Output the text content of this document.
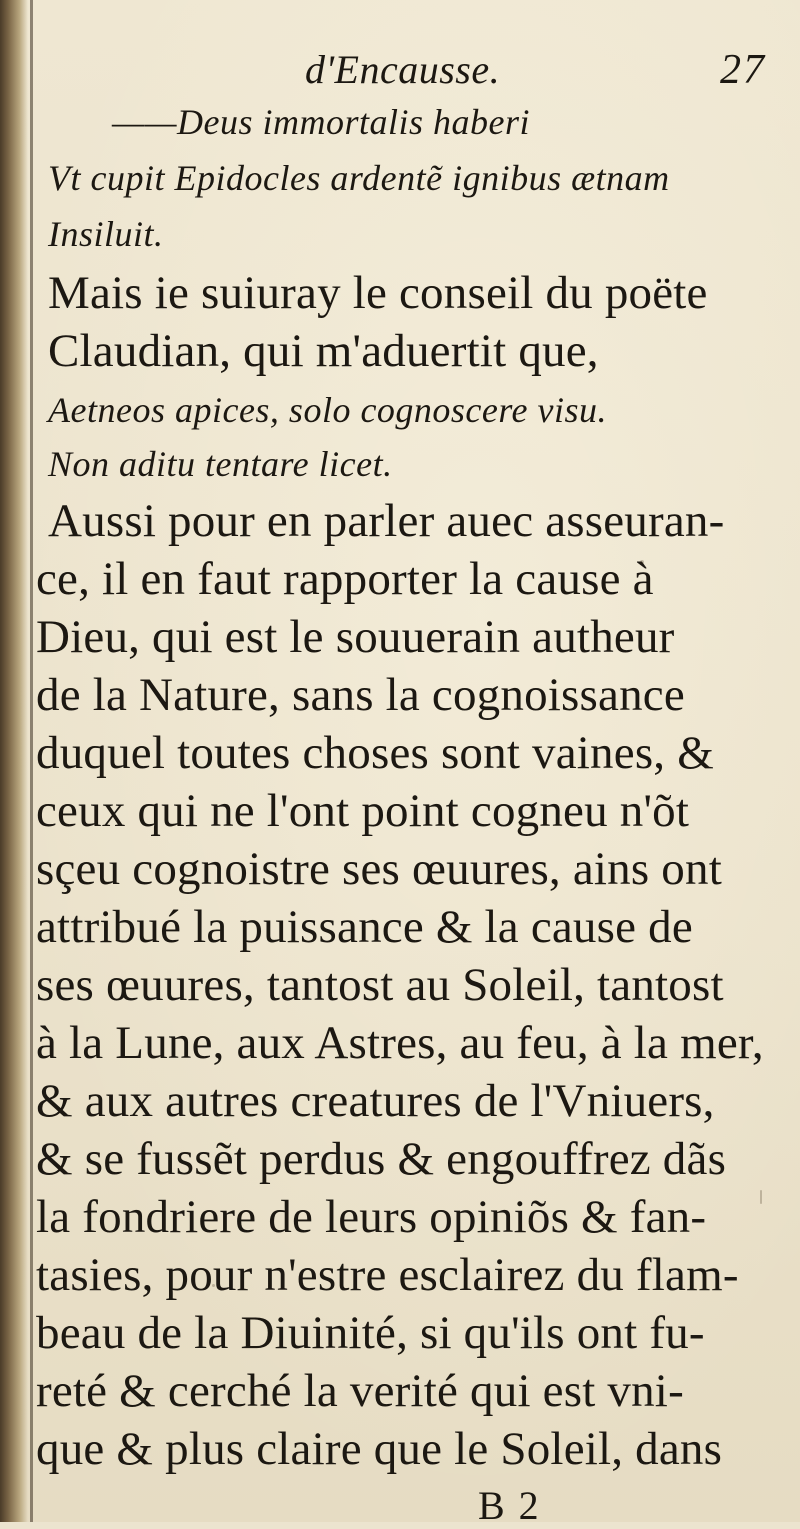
d'Encausse.	27
——Deus immortalis haberi
Vt cupit Epidocles ardentẽ ignibus ætnam
Insiluit.
Mais ie suiuray le conseil du poëte
Claudian, qui m'aduertit que,
Aetneos apices, solo cognoscere visu.
Non aditu tentare licet.
Aussi pour en parler auec asseuran-
ce, il en faut rapporter la cause à
Dieu, qui est le souuerain autheur
de la Nature, sans la cognoissance
duquel toutes choses sont vaines, &
ceux qui ne l'ont point cogneu n'õt
sçeu cognoistre ses œuures, ains ont
attribué la puissance & la cause de
ses œuures, tantost au Soleil, tantost
à la Lune, aux Astres, au feu, à la mer,
& aux autres creatures de l'Vniuers,
& se fussẽt perdus & engouffrez dãs
la fondriere de leurs opiniõs & fan-
tasies, pour n'estre esclairez du flam-
beau de la Diuinité, si qu'ils ont fu-
reté & cerché la verité qui est vni-
que & plus claire que le Soleil, dans
B 2
